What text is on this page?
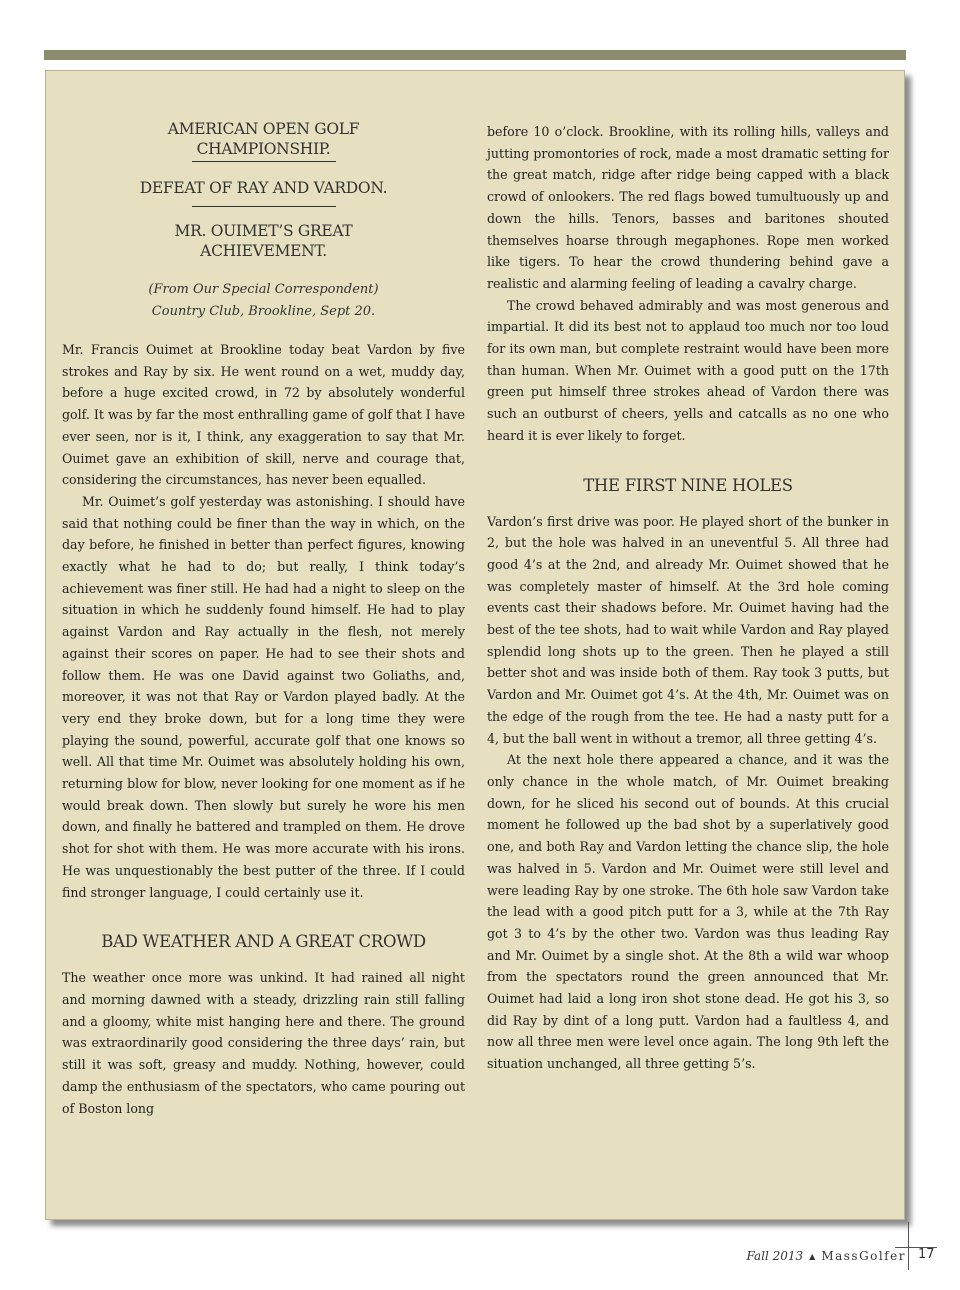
AMERICAN OPEN GOLF CHAMPIONSHIP.

DEFEAT OF RAY AND VARDON.

MR. OUIMET’S GREAT ACHIEVEMENT.

(From Our Special Correspondent)

Country Club, Brookline, Sept 20.

Mr. Francis Ouimet at Brookline today beat Vardon by five strokes and Ray by six. He went round on a wet, muddy day, before a huge excited crowd, in 72 by absolutely wonderful golf. It was by far the most enthralling game of golf that I have ever seen, nor is it, I think, any exaggeration to say that Mr. Ouimet gave an exhibition of skill, nerve and courage that, considering the circumstances, has never been equalled.

Mr. Ouimet’s golf yesterday was astonishing. I should have said that nothing could be finer than the way in which, on the day before, he finished in better than perfect figures, knowing exactly what he had to do; but really, I think today’s achievement was finer still. He had had a night to sleep on the situation in which he suddenly found himself. He had to play against Vardon and Ray actually in the flesh, not merely against their scores on paper. He had to see their shots and follow them. He was one David against two Goliaths, and, moreover, it was not that Ray or Vardon played badly. At the very end they broke down, but for a long time they were playing the sound, powerful, accurate golf that one knows so well. All that time Mr. Ouimet was absolutely holding his own, returning blow for blow, never looking for one moment as if he would break down. Then slowly but surely he wore his men down, and finally he battered and trampled on them. He drove shot for shot with them. He was more accurate with his irons. He was unquestionably the best putter of the three. If I could find stronger language, I could certainly use it.

BAD WEATHER AND A GREAT CROWD

The weather once more was unkind. It had rained all night and morning dawned with a steady, drizzling rain still falling and a gloomy, white mist hanging here and there. The ground was extraordinarily good considering the three days’ rain, but still it was soft, greasy and muddy. Nothing, however, could damp the enthusiasm of the spectators, who came pouring out of Boston long

before 10 o’clock. Brookline, with its rolling hills, valleys and jutting promontories of rock, made a most dramatic setting for the great match, ridge after ridge being capped with a black crowd of onlookers. The red flags bowed tumultuously up and down the hills. Tenors, basses and baritones shouted themselves hoarse through megaphones. Rope men worked like tigers. To hear the crowd thundering behind gave a realistic and alarming feeling of leading a cavalry charge.

The crowd behaved admirably and was most generous and impartial. It did its best not to applaud too much nor too loud for its own man, but complete restraint would have been more than human. When Mr. Ouimet with a good putt on the 17th green put himself three strokes ahead of Vardon there was such an outburst of cheers, yells and catcalls as no one who heard it is ever likely to forget.

THE FIRST NINE HOLES

Vardon’s first drive was poor. He played short of the bunker in 2, but the hole was halved in an uneventful 5. All three had good 4’s at the 2nd, and already Mr. Ouimet showed that he was completely master of himself. At the 3rd hole coming events cast their shadows before. Mr. Ouimet having had the best of the tee shots, had to wait while Vardon and Ray played splendid long shots up to the green. Then he played a still better shot and was inside both of them. Ray took 3 putts, but Vardon and Mr. Ouimet got 4’s. At the 4th, Mr. Ouimet was on the edge of the rough from the tee. He had a nasty putt for a 4, but the ball went in without a tremor, all three getting 4’s.

At the next hole there appeared a chance, and it was the only chance in the whole match, of Mr. Ouimet breaking down, for he sliced his second out of bounds. At this crucial moment he followed up the bad shot by a superlatively good one, and both Ray and Vardon letting the chance slip, the hole was halved in 5. Vardon and Mr. Ouimet were still level and were leading Ray by one stroke. The 6th hole saw Vardon take the lead with a good pitch putt for a 3, while at the 7th Ray got 3 to 4’s by the other two. Vardon was thus leading Ray and Mr. Ouimet by a single shot. At the 8th a wild war whoop from the spectators round the green announced that Mr. Ouimet had laid a long iron shot stone dead. He got his 3, so did Ray by dint of a long putt. Vardon had a faultless 4, and now all three men were level once again. The long 9th left the situation unchanged, all three getting 5’s.

Fall 2013 ▲ MassGolfer 17
